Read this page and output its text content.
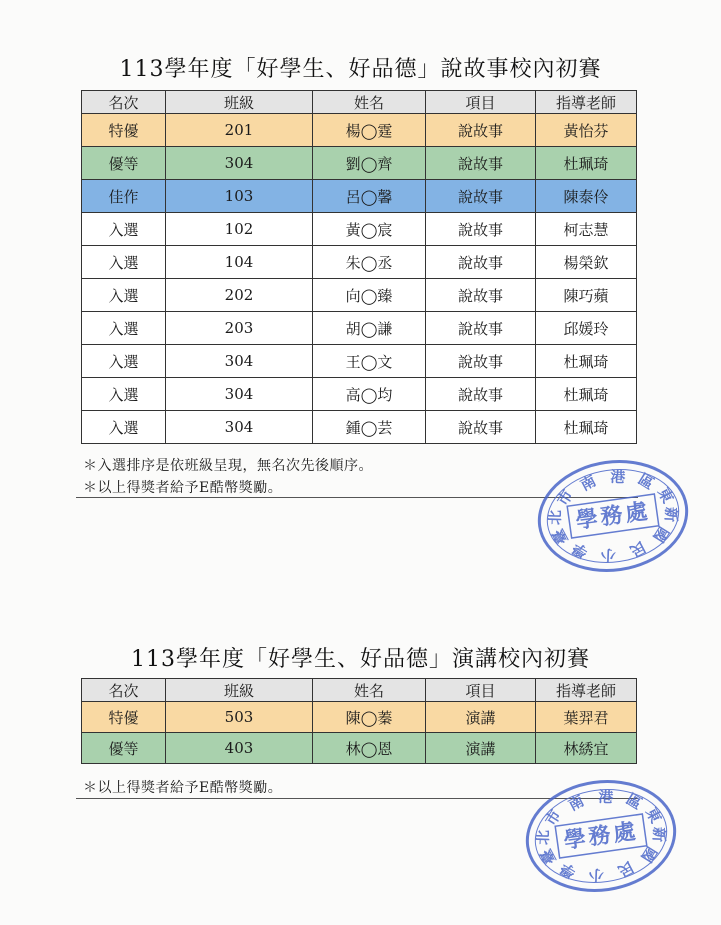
113學年度「好學生、好品德」說故事校內初賽
名次	班級	姓名	項目	指導老師
特優	201	楊◯霆	說故事	黃怡芬
優等	304	劉◯齊	說故事	杜珮琦
佳作	103	呂◯馨	說故事	陳泰伶
入選	102	黃◯宸	說故事	柯志慧
入選	104	朱◯丞	說故事	楊榮欽
入選	202	向◯臻	說故事	陳巧蘋
入選	203	胡◯謙	說故事	邱媛玲
入選	304	王◯文	說故事	杜珮琦
入選	304	高◯均	說故事	杜珮琦
入選	304	鍾◯芸	說故事	杜珮琦
＊入選排序是依班級呈現，無名次先後順序。
＊以上得獎者給予E酷幣獎勵。
臺
北
市
南 港 區
東
新
國
民
小
學
學務處
113學年度「好學生、好品德」演講校內初賽
名次	班級	姓名	項目	指導老師
特優	503	陳◯蓁	演講	葉羿君
優等	403	林◯恩	演講	林綉宜
＊以上得獎者給予E酷幣獎勵。
臺
北
市
南 港 區
東
新
國
民
小
學
學務處
